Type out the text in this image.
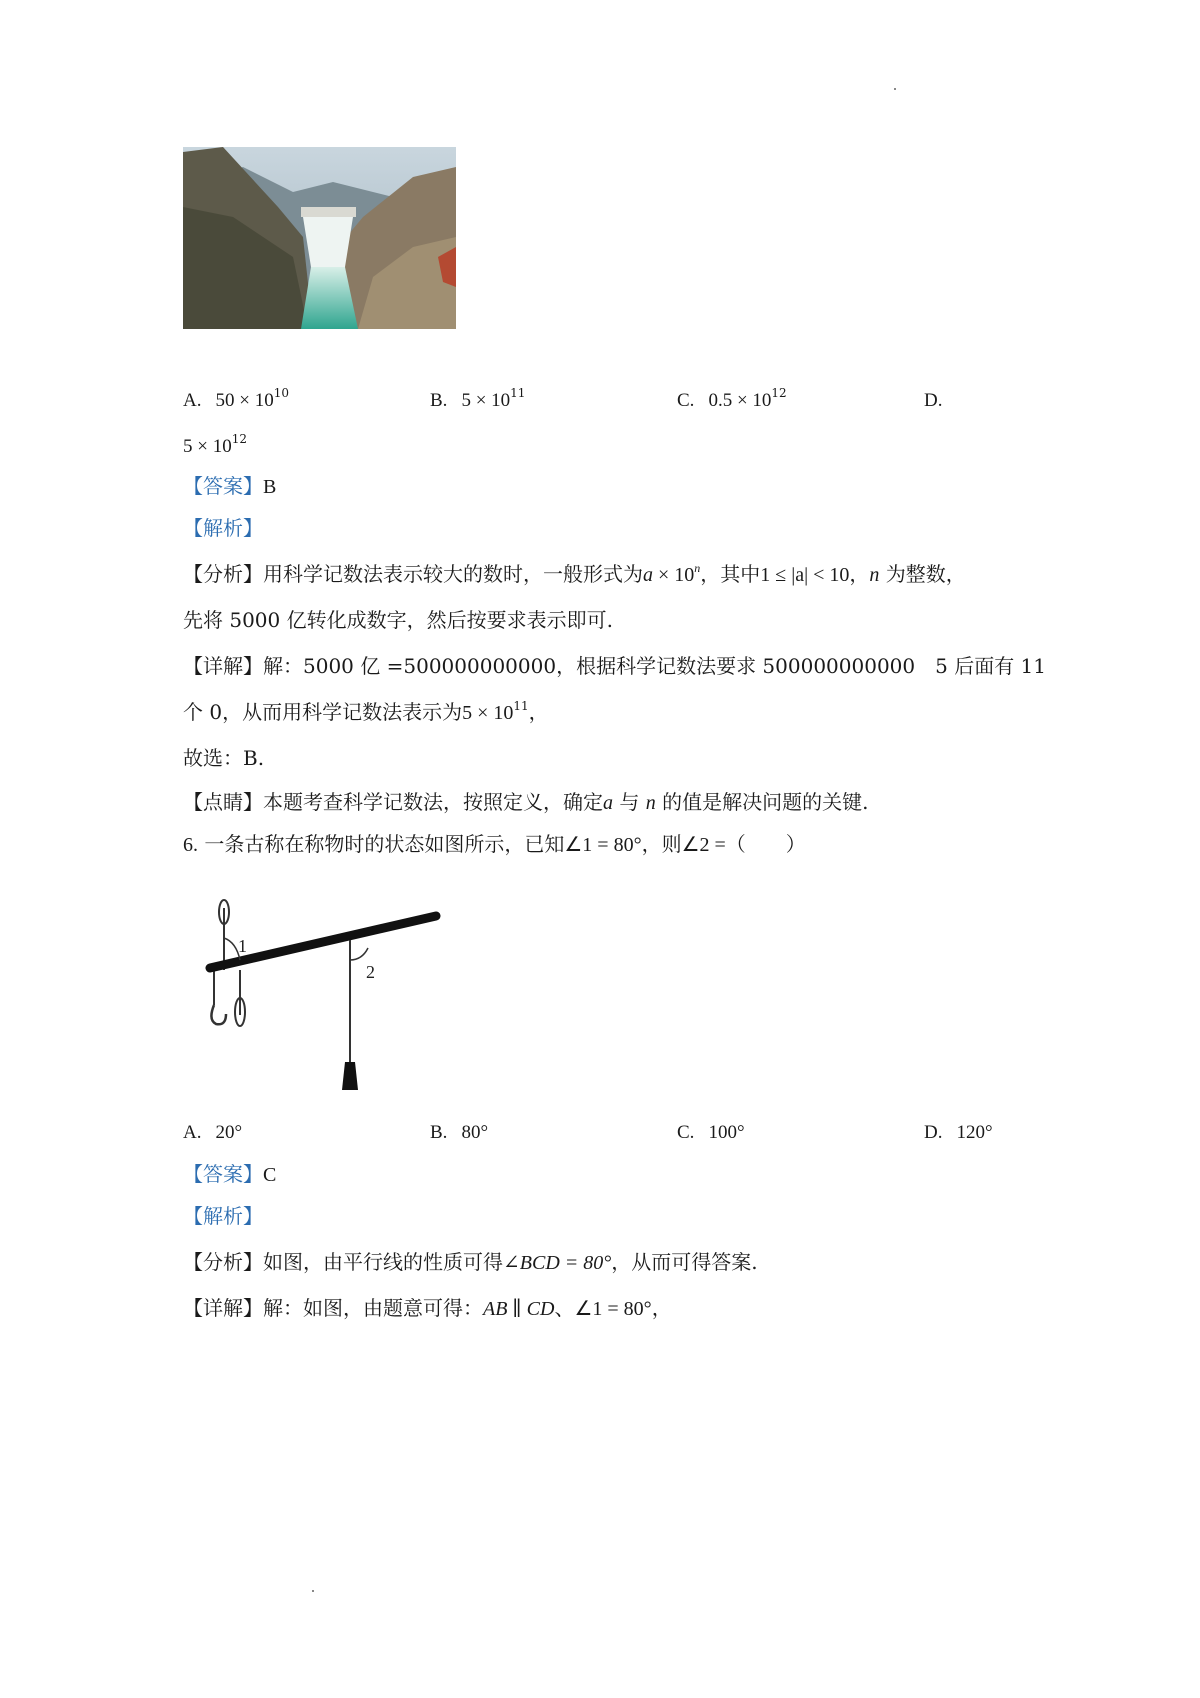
A. $50 \times 10^{10}$	B. $5 \times 10^{11}$	C. $0.5 \times 10^{12}$	D.
$5 \times 10^{12}$
【答案】B
【解析】
【分析】用科学记数法表示较大的数时，一般形式为$a \times 10^n$，其中1 ≤ |a| < 10，n 为整数，
先将 5000 亿转化成数字，然后按要求表示即可.
【详解】解：5000 亿 =500000000000，根据科学记数法要求 500000000000　5 后面有 11
个 0，从而用科学记数法表示为$5 \times 10^{11}$，
故选：B.
【点睛】本题考查科学记数法，按照定义，确定a 与 n 的值是解决问题的关键.
6. 一条古称在称物时的状态如图所示，已知∠1 = 80°，则∠2 =（　　）
1
2
A. 20°	B. 80°	C. 100°	D. 120°
【答案】C
【解析】
【分析】如图，由平行线的性质可得∠BCD = 80°，从而可得答案.
【详解】解：如图，由题意可得：AB ∥ CD、∠1 = 80°，
